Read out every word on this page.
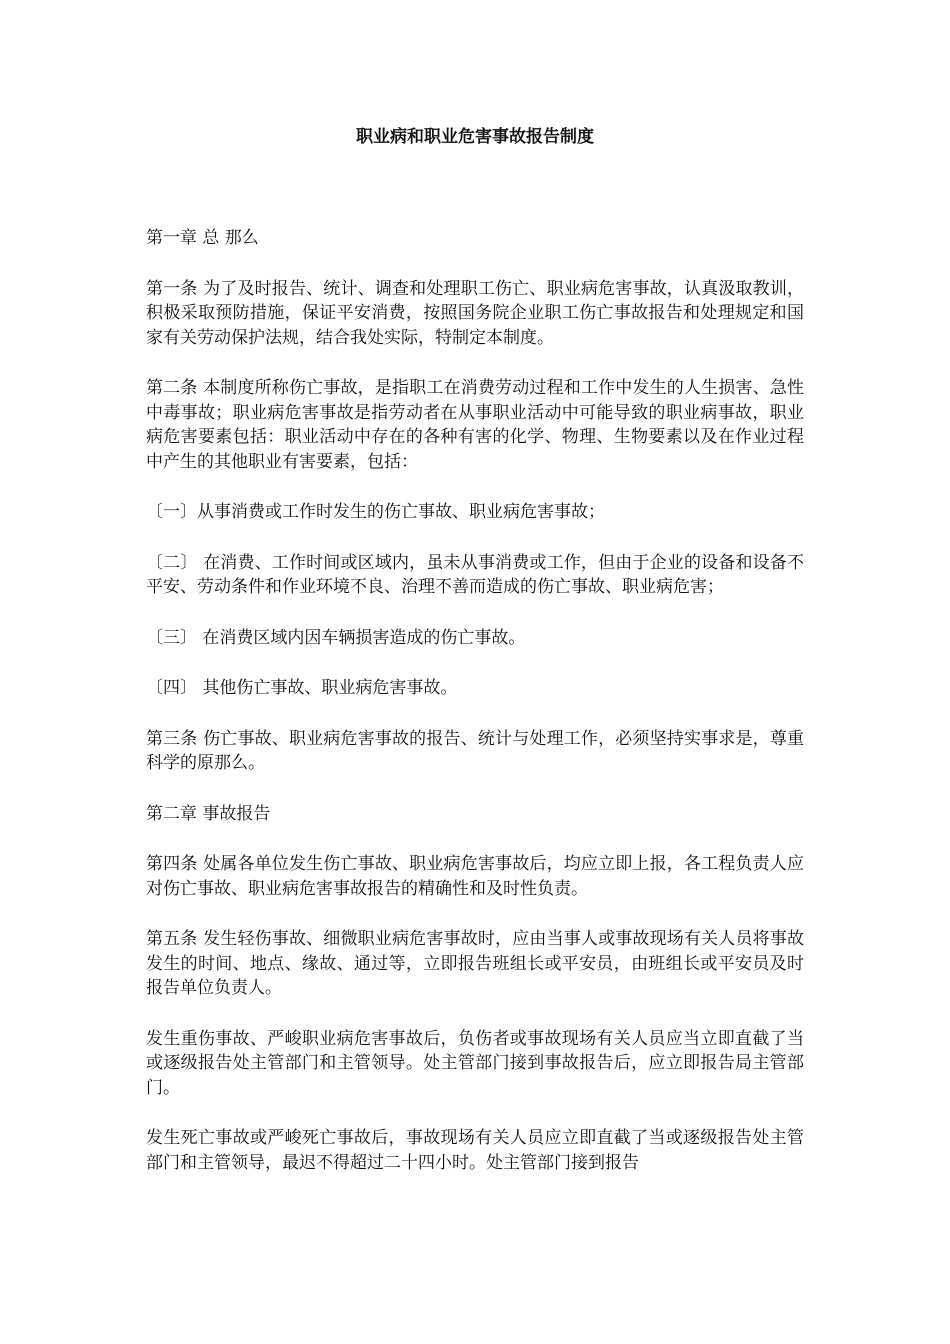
职业病和职业危害事故报告制度

第一章 总 那么

第一条 为了及时报告、统计、调查和处理职工伤亡、职业病危害事故，认真汲取教训，积极采取预防措施，保证平安消费，按照国务院企业职工伤亡事故报告和处理规定和国家有关劳动保护法规，结合我处实际，特制定本制度。

第二条 本制度所称伤亡事故，是指职工在消费劳动过程和工作中发生的人生损害、急性中毒事故；职业病危害事故是指劳动者在从事职业活动中可能导致的职业病事故，职业病危害要素包括：职业活动中存在的各种有害的化学、物理、生物要素以及在作业过程中产生的其他职业有害要素，包括：

〔一〕从事消费或工作时发生的伤亡事故、职业病危害事故；

〔二〕 在消费、工作时间或区域内，虽未从事消费或工作，但由于企业的设备和设备不平安、劳动条件和作业环境不良、治理不善而造成的伤亡事故、职业病危害；

〔三〕 在消费区域内因车辆损害造成的伤亡事故。

〔四〕 其他伤亡事故、职业病危害事故。

第三条 伤亡事故、职业病危害事故的报告、统计与处理工作，必须坚持实事求是，尊重科学的原那么。

第二章 事故报告

第四条 处属各单位发生伤亡事故、职业病危害事故后，均应立即上报，各工程负责人应对伤亡事故、职业病危害事故报告的精确性和及时性负责。

第五条 发生轻伤事故、细微职业病危害事故时，应由当事人或事故现场有关人员将事故发生的时间、地点、缘故、通过等，立即报告班组长或平安员，由班组长或平安员及时报告单位负责人。

发生重伤事故、严峻职业病危害事故后，负伤者或事故现场有关人员应当立即直截了当或逐级报告处主管部门和主管领导。处主管部门接到事故报告后，应立即报告局主管部门。

发生死亡事故或严峻死亡事故后，事故现场有关人员应立即直截了当或逐级报告处主管部门和主管领导，最迟不得超过二十四小时。处主管部门接到报告
